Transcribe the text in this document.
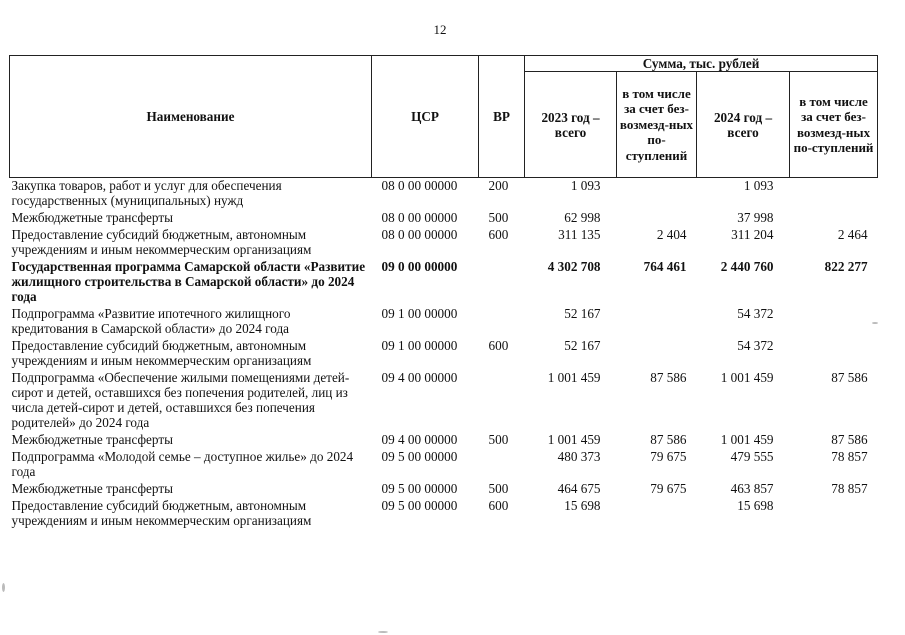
12
Наименование	ЦСР	ВР	Сумма, тыс. рублей			
			2023 год – всего	в том числе за счет без-возмезд-ных по-ступлений	2024 год – всего	в том числе за счет без-возмезд-ных по-ступлений
Закупка товаров, работ и услуг для обеспечения государственных (муниципальных) нужд	08 0 00 00000	200	1 093		1 093	
Межбюджетные трансферты	08 0 00 00000	500	62 998		37 998	
Предоставление субсидий бюджетным, автономным учреждениям и иным некоммерческим организациям	08 0 00 00000	600	311 135	2 404	311 204	2 464
Государственная программа Самарской области «Развитие жилищного строительства в Самарской области» до 2024 года	09 0 00 00000		4 302 708	764 461	2 440 760	822 277
Подпрограмма «Развитие ипотечного жилищного кредитования в Самарской области» до 2024 года	09 1 00 00000		52 167		54 372	
Предоставление субсидий бюджетным, автономным учреждениям и иным некоммерческим организациям	09 1 00 00000	600	52 167		54 372	
Подпрограмма «Обеспечение жилыми помещениями детей-сирот и детей, оставшихся без попечения родителей, лиц из числа детей-сирот и детей, оставшихся без попечения родителей» до 2024 года	09 4 00 00000		1 001 459	87 586	1 001 459	87 586
Межбюджетные трансферты	09 4 00 00000	500	1 001 459	87 586	1 001 459	87 586
Подпрограмма «Молодой семье – доступное жилье» до 2024 года	09 5 00 00000		480 373	79 675	479 555	78 857
Межбюджетные трансферты	09 5 00 00000	500	464 675	79 675	463 857	78 857
Предоставление субсидий бюджетным, автономным учреждениям и иным некоммерческим организациям	09 5 00 00000	600	15 698		15 698	
